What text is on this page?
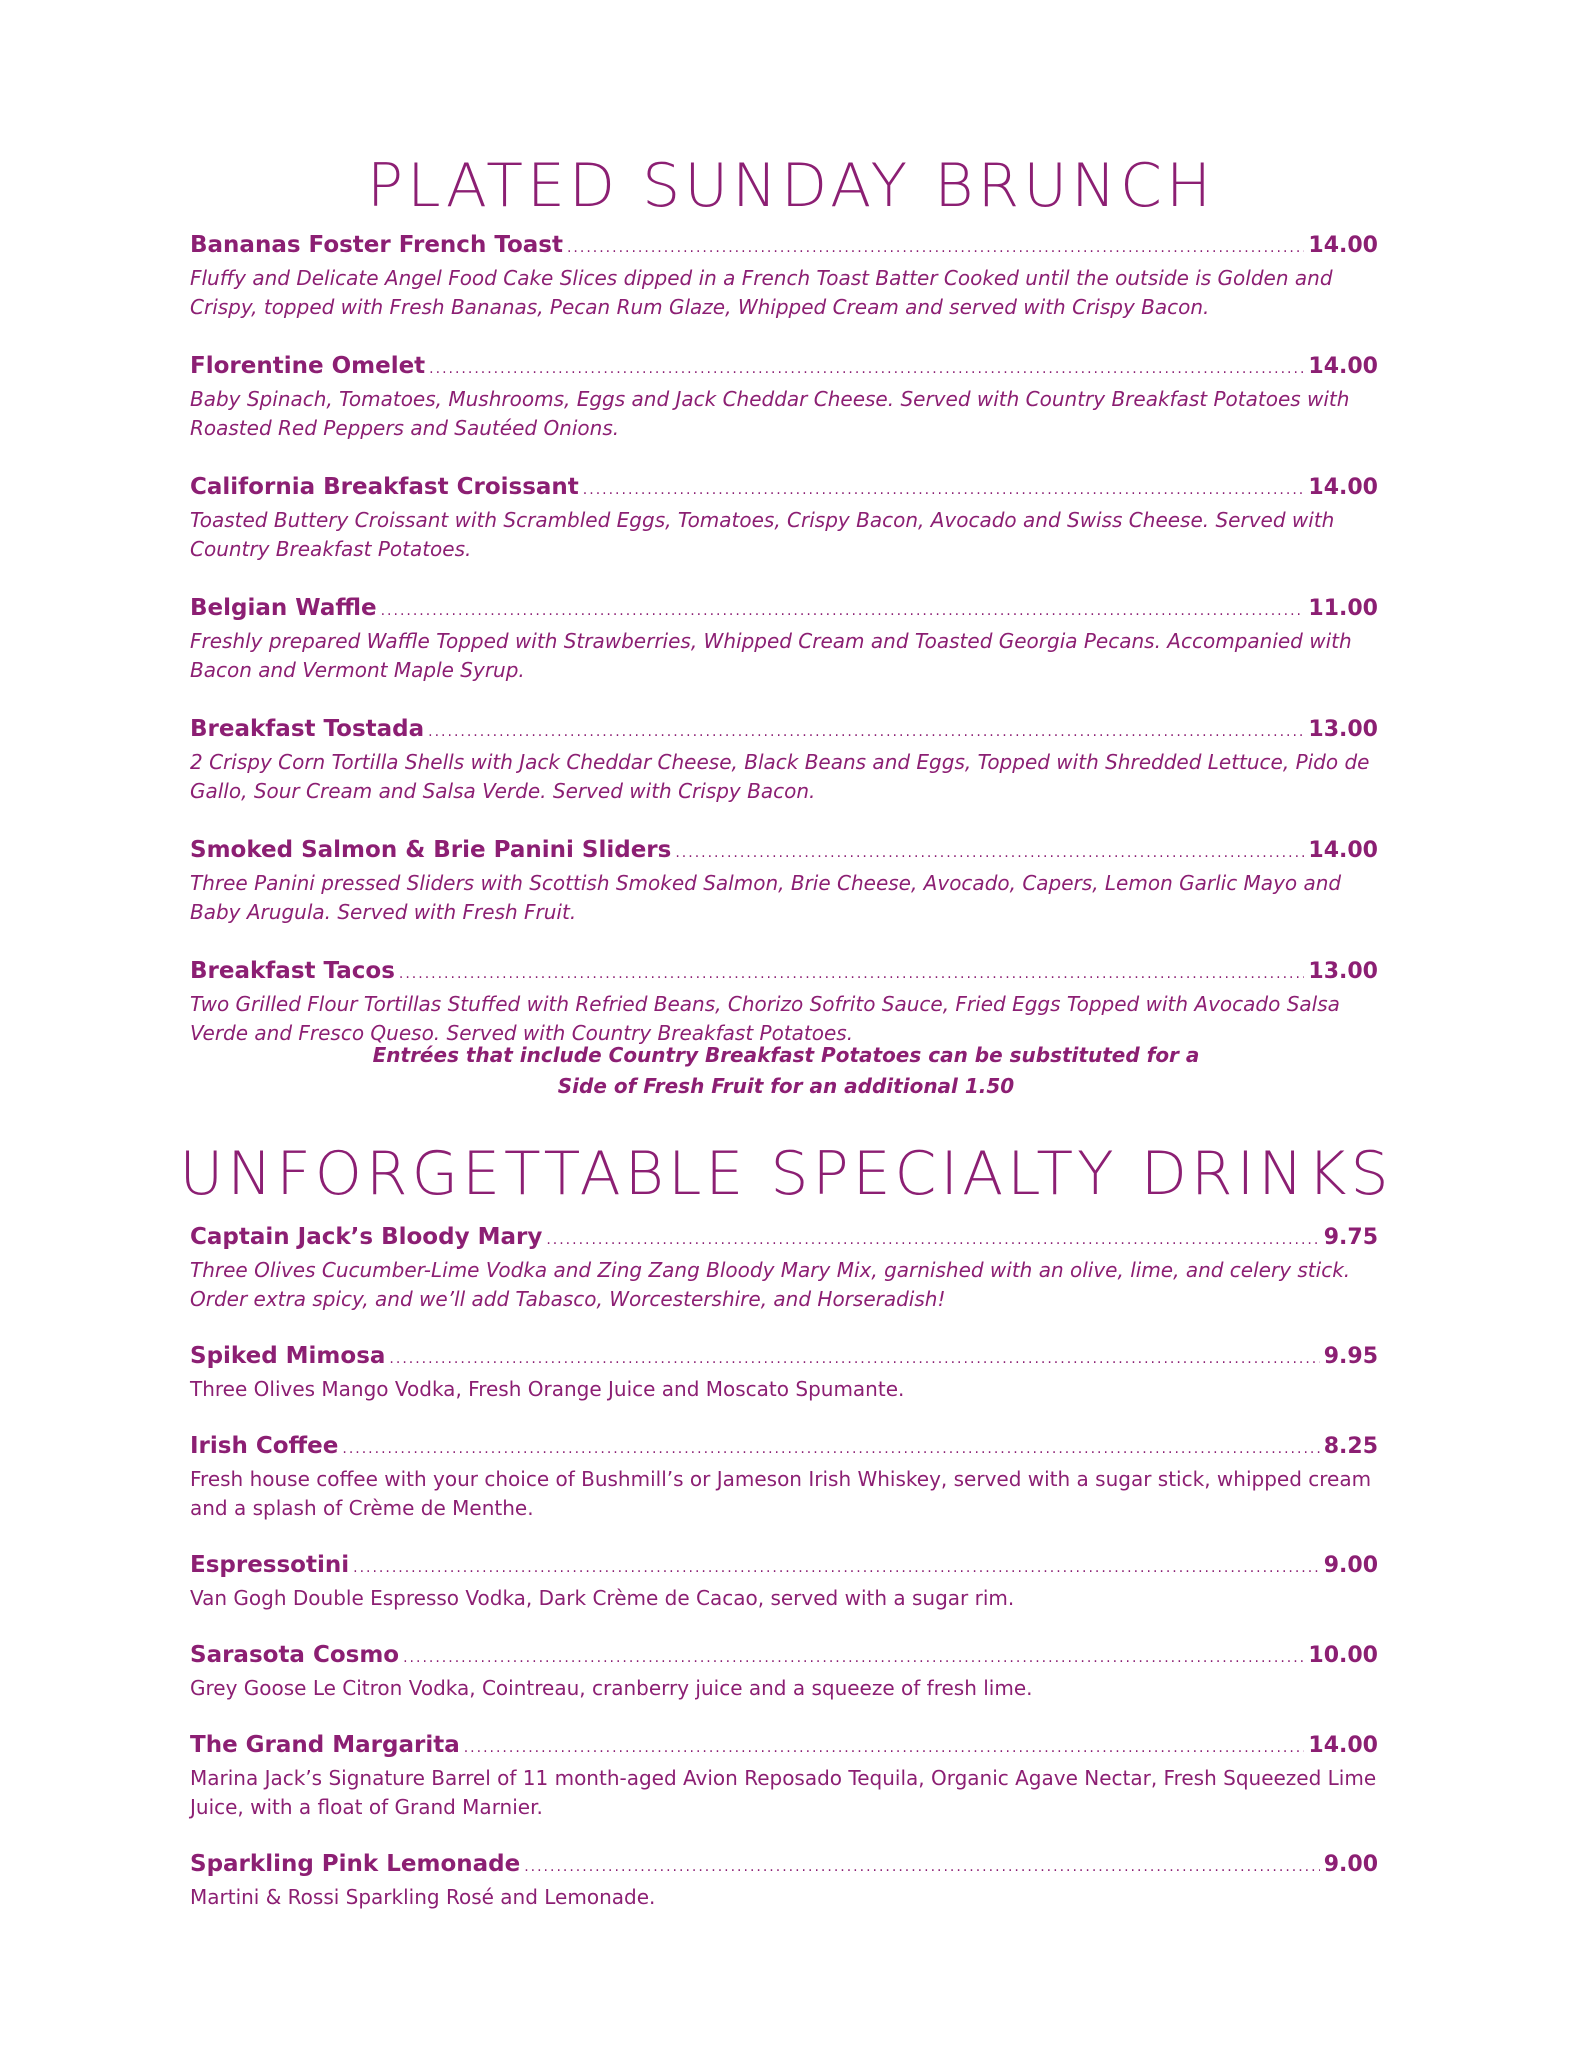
PLATED SUNDAY BRUNCH
Bananas Foster French Toast .....	14.00

Fluffy and Delicate Angel Food Cake Slices dipped in a French Toast Batter Cooked until the outside is Golden and Crispy, topped with Fresh Bananas, Pecan Rum Glaze, Whipped Cream and served with Crispy Bacon.

Florentine Omelet .....	14.00

Baby Spinach, Tomatoes, Mushrooms, Eggs and Jack Cheddar Cheese. Served with Country Breakfast Potatoes with Roasted Red Peppers and Sautéed Onions.

California Breakfast Croissant .....	14.00

Toasted Buttery Croissant with Scrambled Eggs, Tomatoes, Crispy Bacon, Avocado and Swiss Cheese. Served with Country Breakfast Potatoes.

Belgian Waffle .....	11.00

Freshly prepared Waffle Topped with Strawberries, Whipped Cream and Toasted Georgia Pecans. Accompanied with Bacon and Vermont Maple Syrup.

Breakfast Tostada .....	13.00

2 Crispy Corn Tortilla Shells with Jack Cheddar Cheese, Black Beans and Eggs, Topped with Shredded Lettuce, Pido de Gallo, Sour Cream and Salsa Verde. Served with Crispy Bacon.

Smoked Salmon & Brie Panini Sliders .....	14.00

Three Panini pressed Sliders with Scottish Smoked Salmon, Brie Cheese, Avocado, Capers, Lemon Garlic Mayo and Baby Arugula. Served with Fresh Fruit.

Breakfast Tacos .....	13.00

Two Grilled Flour Tortillas Stuffed with Refried Beans, Chorizo Sofrito Sauce, Fried Eggs Topped with Avocado Salsa Verde and Fresco Queso. Served with Country Breakfast Potatoes.

Entrées that include Country Breakfast Potatoes can be substituted for a
Side of Fresh Fruit for an additional 1.50
UNFORGETTABLE SPECIALTY DRINKS
Captain Jack’s Bloody Mary .....	9.75

Three Olives Cucumber-Lime Vodka and Zing Zang Bloody Mary Mix, garnished with an olive, lime, and celery stick. Order extra spicy, and we’ll add Tabasco, Worcestershire, and Horseradish!

Spiked Mimosa .....	9.95

Three Olives Mango Vodka, Fresh Orange Juice and Moscato Spumante.

Irish Coffee .....	8.25

Fresh house coffee with your choice of Bushmill’s or Jameson Irish Whiskey, served with a sugar stick, whipped cream and a splash of Crème de Menthe.

Espressotini .....	9.00

Van Gogh Double Espresso Vodka, Dark Crème de Cacao, served with a sugar rim.

Sarasota Cosmo .....	10.00

Grey Goose Le Citron Vodka, Cointreau, cranberry juice and a squeeze of fresh lime.

The Grand Margarita .....	14.00

Marina Jack’s Signature Barrel of 11 month-aged Avion Reposado Tequila, Organic Agave Nectar, Fresh Squeezed Lime Juice, with a float of Grand Marnier.

Sparkling Pink Lemonade .....	9.00

Martini & Rossi Sparkling Rosé and Lemonade.
